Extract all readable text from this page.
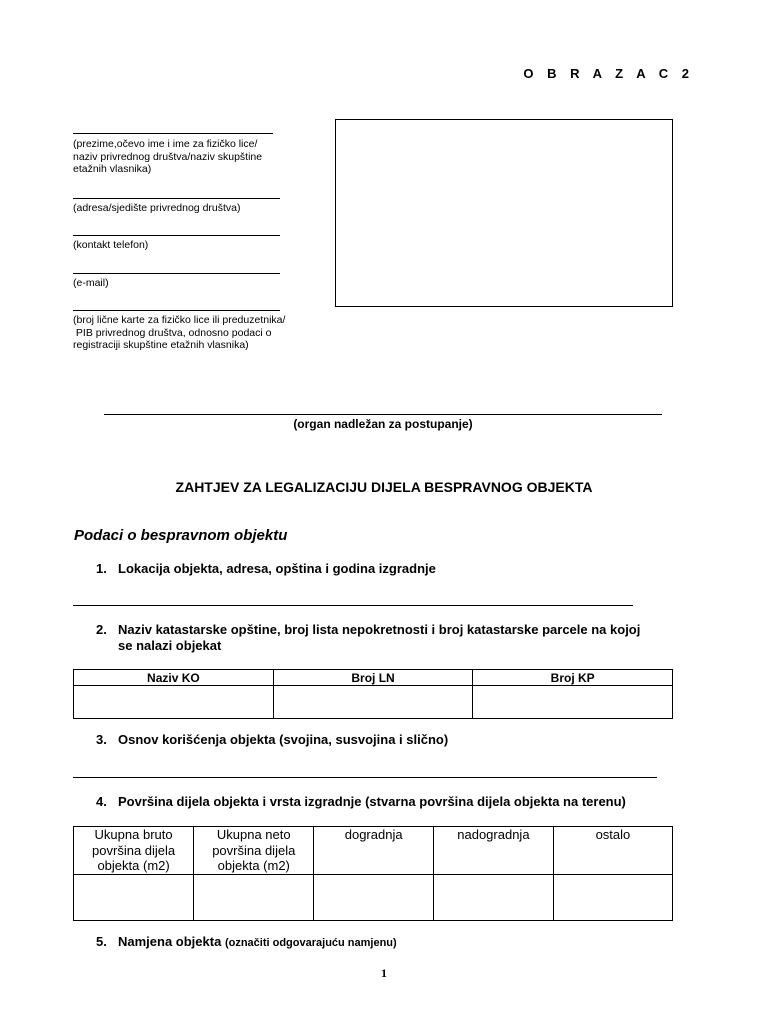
O B R A Z A C 2
(prezime,očevo ime i ime za fizičko lice/
naziv privrednog društva/naziv skupštine
etažnih vlasnika)
(adresa/sjedište privrednog društva)
(kontakt telefon)
(e-mail)
(broj lične karte za fizičko lice ili preduzetnika/
PIB privrednog društva, odnosno podaci o
registraciji skupštine etažnih vlasnika)
(organ nadležan za postupanje)
ZAHTJEV ZA LEGALIZACIJU DIJELA BESPRAVNOG OBJEKTA
Podaci o bespravnom objektu
1. Lokacija objekta, adresa, opština i godina izgradnje
2. Naziv katastarske opštine, broj lista nepokretnosti i broj katastarske parcele na kojoj
se nalazi objekat
Naziv KO	Broj LN	Broj KP

3. Osnov korišćenja objekta (svojina, susvojina i slično)
4. Površina dijela objekta i vrsta izgradnje (stvarna površina dijela objekta na terenu)
Ukupna bruto
površina dijela
objekta (m2)	Ukupna neto
površina dijela
objekta (m2)	dogradnja	nadogradnja	ostalo

5. Namjena objekta (označiti odgovarajuću namjenu)
1
